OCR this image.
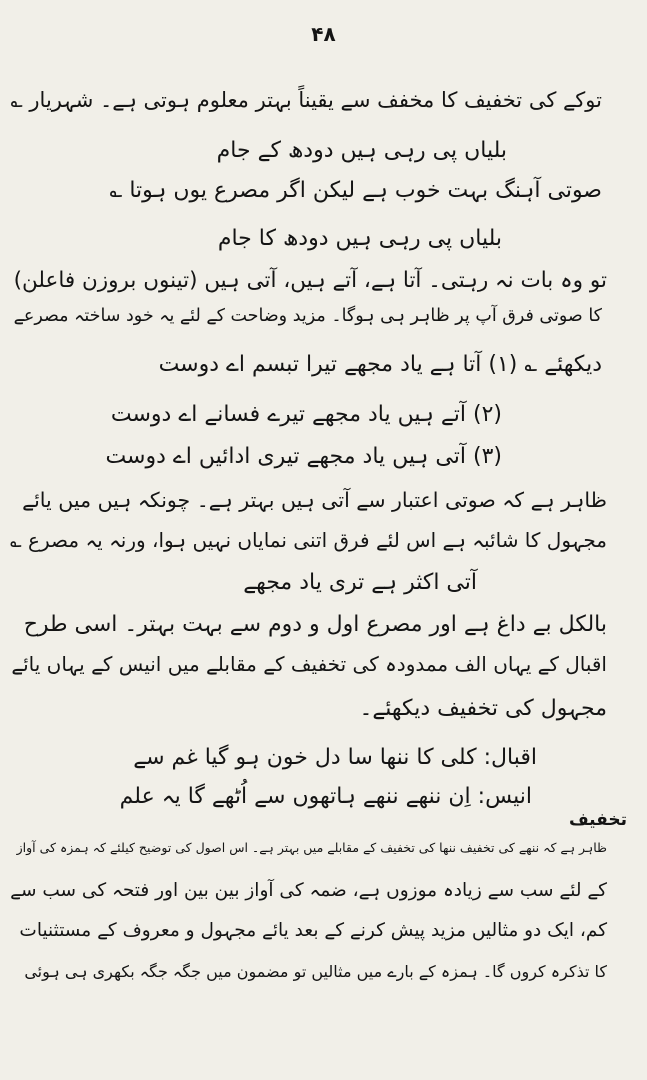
۴۸
توکے کی تخفیف کا مخفف سے یقیناً بہتر معلوم ہوتی ہے۔ شہریار ؎
بلیاں پی رہی ہیں دودھ کے جام
صوتی آہنگ بہت خوب ہے لیکن اگر مصرع یوں ہوتا ؎
بلیاں پی رہی ہیں دودھ کا جام
تو وہ بات نہ رہتی۔ آتا ہے، آتے ہیں، آتی ہیں (تینوں بروزن فاعلن)
کا صوتی فرق آپ پر ظاہر ہی ہوگا۔ مزید وضاحت کے لئے یہ خود ساختہ مصرعے
دیکھئے ؎ (۱) آتا ہے یاد مجھے تیرا تبسم اے دوست
(۲) آتے ہیں یاد مجھے تیرے فسانے اے دوست
(۳) آتی ہیں یاد مجھے تیری ادائیں اے دوست
ظاہر ہے کہ صوتی اعتبار سے آتی ہیں بہتر ہے۔ چونکہ ہیں میں یائے
مجہول کا شائبہ ہے اس لئے فرق اتنی نمایاں نہیں ہوا، ورنہ یہ مصرع ؎
آتی اکثر ہے تری یاد مجھے
بالکل بے داغ ہے اور مصرع اول و دوم سے بہت بہتر۔ اسی طرح
اقبال کے یہاں الف ممدودہ کی تخفیف کے مقابلے میں انیس کے یہاں یائے
مجہول کی تخفیف دیکھئے۔
اقبال: کلی کا ننھا سا دل خون ہو گیا غم سے
انیس: اِن ننھے ننھے ہاتھوں سے اُٹھے گا یہ علم
ظاہر ہے کہ ننھے کی تخفیف ننھا کی تخفیف کے مقابلے میں بہتر ہے۔ اس اصول کی توضیح کیلئے کہ ہمزہ کی آواز
کے لئے سب سے زیادہ موزوں ہے، ضمہ کی آواز بین بین اور فتحہ کی سب سے
کم، ایک دو مثالیں مزید پیش کرنے کے بعد یائے مجہول و معروف کے مستثنیات
کا تذکرہ کروں گا۔ ہمزہ کے بارے میں مثالیں تو مضمون میں جگہ جگہ بکھری ہی ہوئی
تخفیف
